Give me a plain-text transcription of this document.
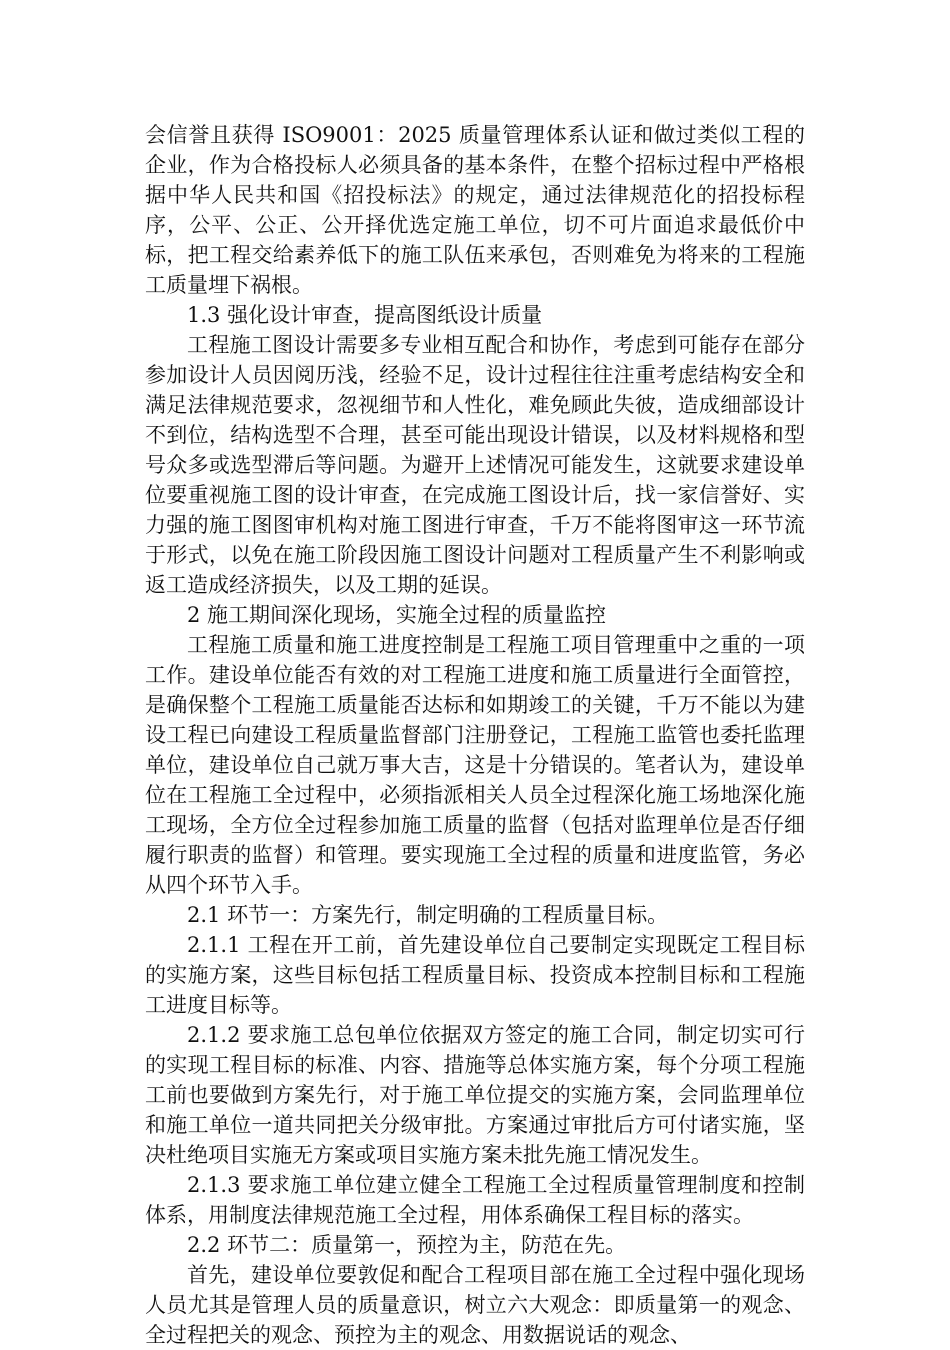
会信誉且获得 ISO9001：2025 质量管理体系认证和做过类似工程的企业，作为合格投标人必须具备的基本条件，在整个招标过程中严格根据中华人民共和国《招投标法》的规定，通过法律规范化的招投标程序，公平、公正、公开择优选定施工单位，切不可片面追求最低价中标，把工程交给素养低下的施工队伍来承包，否则难免为将来的工程施工质量埋下祸根。

1.3 强化设计审查，提高图纸设计质量

工程施工图设计需要多专业相互配合和协作，考虑到可能存在部分参加设计人员因阅历浅，经验不足，设计过程往往注重考虑结构安全和满足法律规范要求，忽视细节和人性化，难免顾此失彼，造成细部设计不到位，结构选型不合理，甚至可能出现设计错误，以及材料规格和型号众多或选型滞后等问题。为避开上述情况可能发生，这就要求建设单位要重视施工图的设计审查，在完成施工图设计后，找一家信誉好、实力强的施工图图审机构对施工图进行审查，千万不能将图审这一环节流于形式，以免在施工阶段因施工图设计问题对工程质量产生不利影响或返工造成经济损失，以及工期的延误。

2 施工期间深化现场，实施全过程的质量监控

工程施工质量和施工进度控制是工程施工项目管理重中之重的一项工作。建设单位能否有效的对工程施工进度和施工质量进行全面管控，是确保整个工程施工质量能否达标和如期竣工的关键，千万不能以为建设工程已向建设工程质量监督部门注册登记，工程施工监管也委托监理单位，建设单位自己就万事大吉，这是十分错误的。笔者认为，建设单位在工程施工全过程中，必须指派相关人员全过程深化施工场地深化施工现场，全方位全过程参加施工质量的监督（包括对监理单位是否仔细履行职责的监督）和管理。要实现施工全过程的质量和进度监管，务必从四个环节入手。

2.1 环节一：方案先行，制定明确的工程质量目标。

2.1.1 工程在开工前，首先建设单位自己要制定实现既定工程目标的实施方案，这些目标包括工程质量目标、投资成本控制目标和工程施工进度目标等。

2.1.2 要求施工总包单位依据双方签定的施工合同，制定切实可行的实现工程目标的标准、内容、措施等总体实施方案，每个分项工程施工前也要做到方案先行，对于施工单位提交的实施方案，会同监理单位和施工单位一道共同把关分级审批。方案通过审批后方可付诸实施，坚决杜绝项目实施无方案或项目实施方案未批先施工情况发生。

2.1.3 要求施工单位建立健全工程施工全过程质量管理制度和控制体系，用制度法律规范施工全过程，用体系确保工程目标的落实。

2.2 环节二：质量第一，预控为主，防范在先。

首先，建设单位要敦促和配合工程项目部在施工全过程中强化现场人员尤其是管理人员的质量意识，树立六大观念：即质量第一的观念、全过程把关的观念、预控为主的观念、用数据说话的观念、
